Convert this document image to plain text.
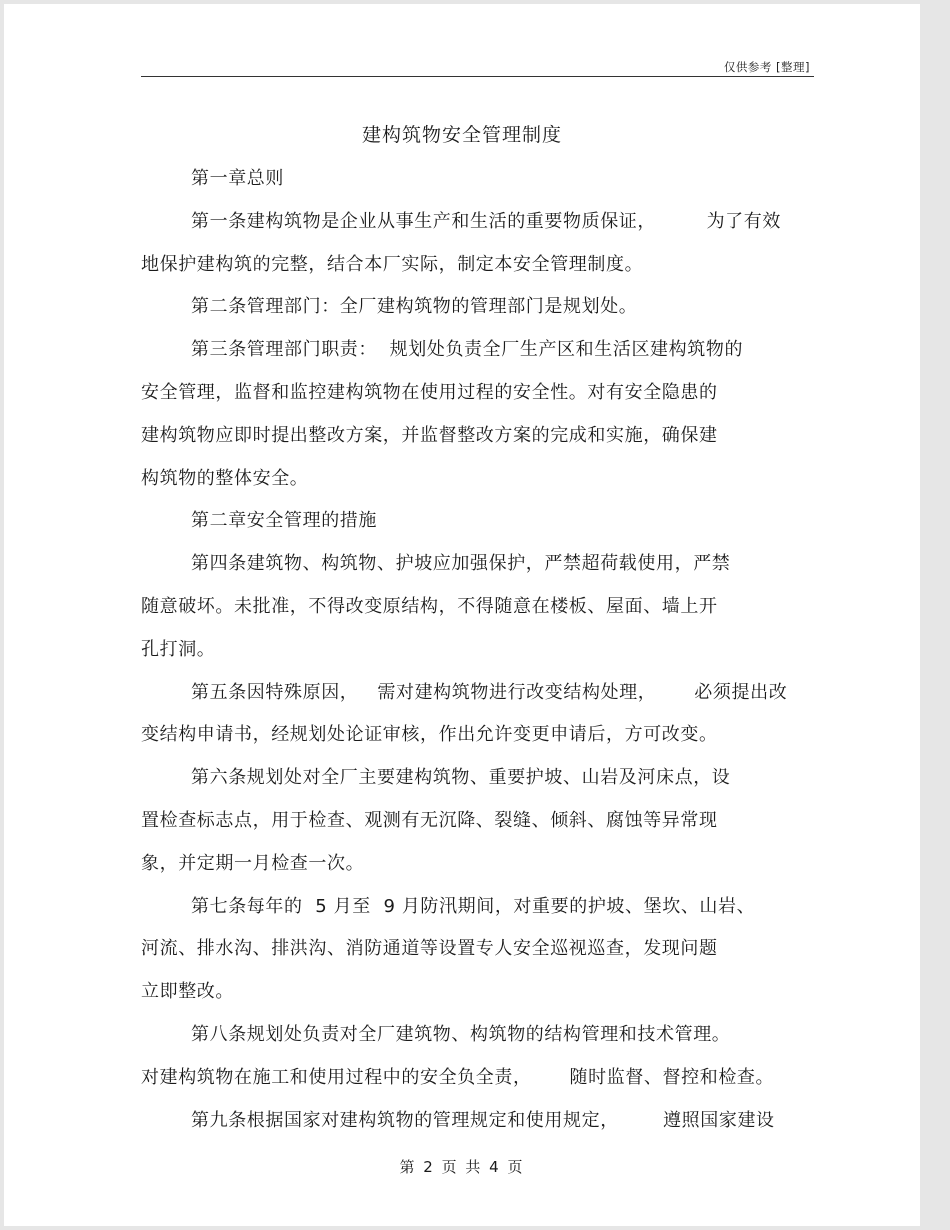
仅供参考 [整理]
建构筑物安全管理制度
第一章总则
第一条建构筑物是企业从事生产和生活的重要物质保证，        为了有效
地保护建构筑的完整，结合本厂实际，制定本安全管理制度。
第二条管理部门：全厂建构筑物的管理部门是规划处。
第三条管理部门职责：  规划处负责全厂生产区和生活区建构筑物的
安全管理，监督和监控建构筑物在使用过程的安全性。对有安全隐患的
建构筑物应即时提出整改方案，并监督整改方案的完成和实施，确保建
构筑物的整体安全。
第二章安全管理的措施
第四条建筑物、构筑物、护坡应加强保护，严禁超荷载使用，严禁
随意破坏。未批准，不得改变原结构，不得随意在楼板、屋面、墙上开
孔打洞。
第五条因特殊原因，   需对建构筑物进行改变结构处理，      必须提出改
变结构申请书，经规划处论证审核，作出允许变更申请后，方可改变。
第六条规划处对全厂主要建构筑物、重要护坡、山岩及河床点，设
置检查标志点，用于检查、观测有无沉降、裂缝、倾斜、腐蚀等异常现
象，并定期一月检查一次。
第七条每年的  5 月至  9 月防汛期间，对重要的护坡、堡坎、山岩、
河流、排水沟、排洪沟、消防通道等设置专人安全巡视巡查，发现问题
立即整改。
第八条规划处负责对全厂建筑物、构筑物的结构管理和技术管理。
对建构筑物在施工和使用过程中的安全负全责，      随时监督、督控和检查。
第九条根据国家对建构筑物的管理规定和使用规定，       遵照国家建设
第 2 页 共 4 页
